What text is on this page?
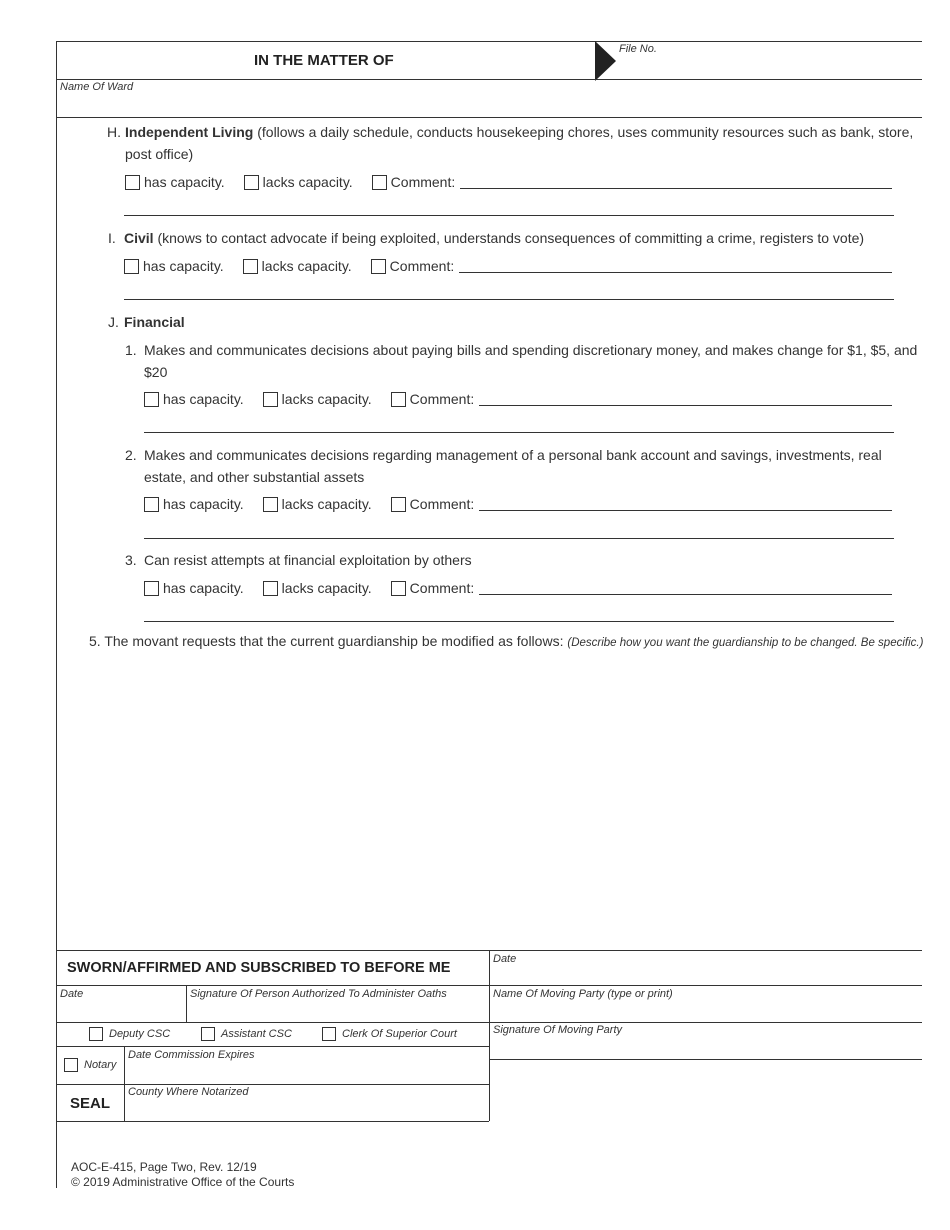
IN THE MATTER OF
File No.
Name Of Ward
H. Independent Living (follows a daily schedule, conducts housekeeping chores, uses community resources such as bank, store, post office)
has capacity.	lacks capacity.	Comment:
I. Civil (knows to contact advocate if being exploited, understands consequences of committing a crime, registers to vote)
has capacity.	lacks capacity.	Comment:
J. Financial
1. Makes and communicates decisions about paying bills and spending discretionary money, and makes change for $1, $5, and $20
has capacity.	lacks capacity.	Comment:
2. Makes and communicates decisions regarding management of a personal bank account and savings, investments, real estate, and other substantial assets
has capacity.	lacks capacity.	Comment:
3. Can resist attempts at financial exploitation by others
has capacity.	lacks capacity.	Comment:
5. The movant requests that the current guardianship be modified as follows: (Describe how you want the guardianship to be changed. Be specific.)
SWORN/AFFIRMED AND SUBSCRIBED TO BEFORE ME
Date
Date	Signature Of Person Authorized To Administer Oaths	Name Of Moving Party (type or print)
Deputy CSC	Assistant CSC	Clerk Of Superior Court	Signature Of Moving Party
Notary
Date Commission Expires
SEAL
County Where Notarized
AOC-E-415, Page Two, Rev. 12/19
© 2019 Administrative Office of the Courts
